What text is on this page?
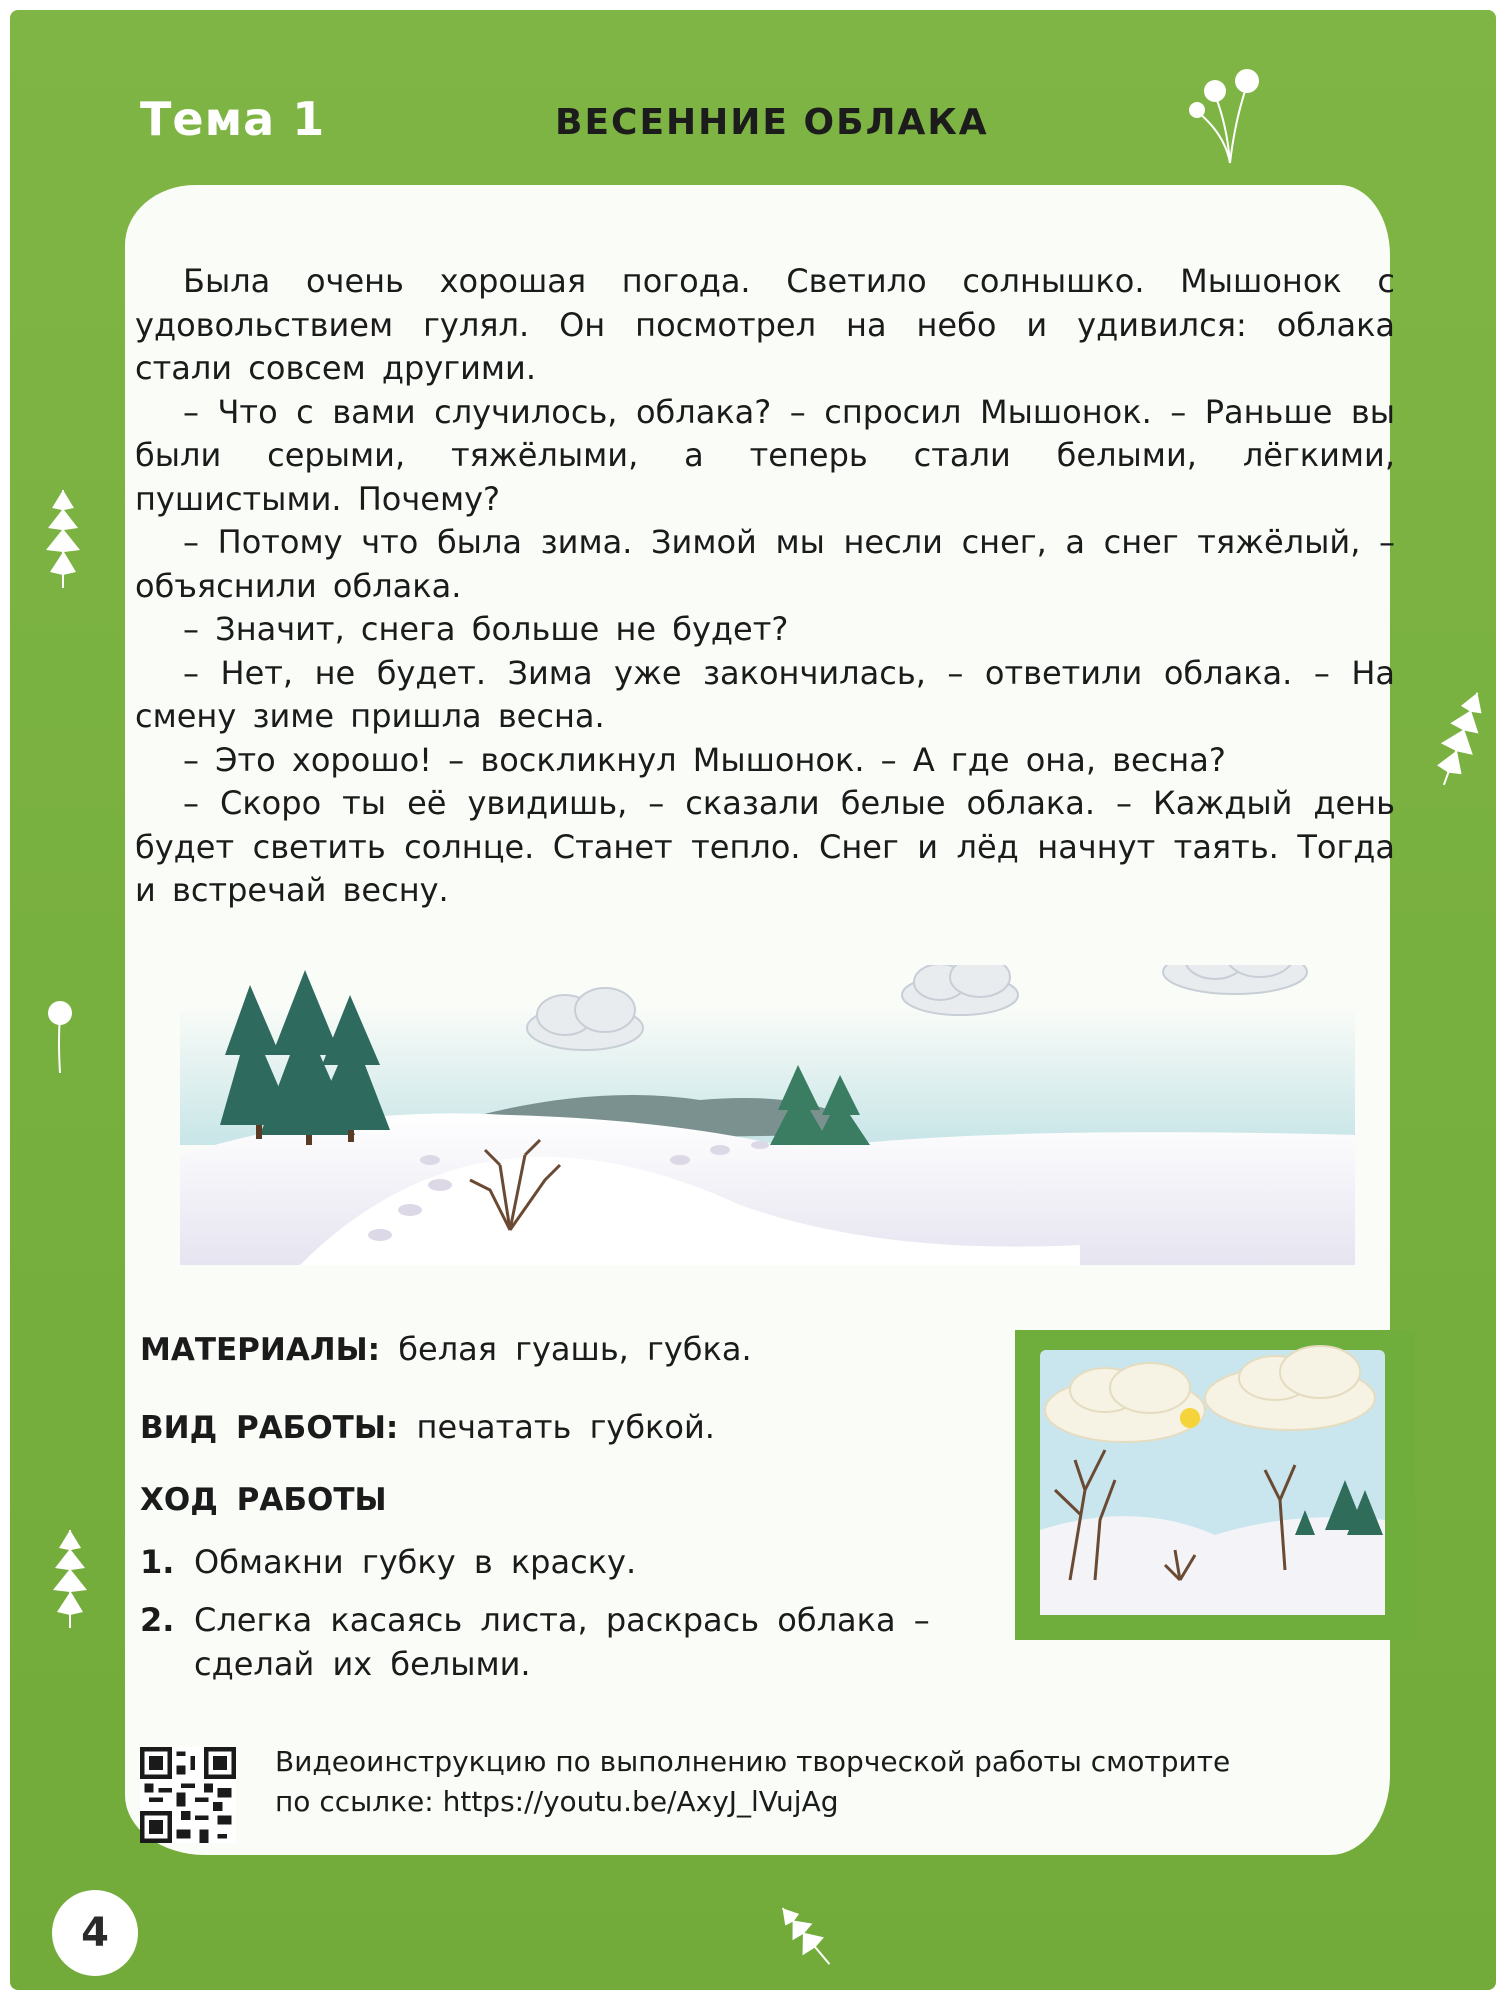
Тема 1	ВЕСЕННИЕ ОБЛАКА

Была очень хорошая погода. Светило солнышко. Мышонок с удовольствием гулял. Он посмотрел на небо и удивился: облака стали совсем другими.

– Что с вами случилось, облака? – спросил Мышонок. – Раньше вы были серыми, тяжёлыми, а теперь стали белыми, лёгкими, пушистыми. Почему?

– Потому что была зима. Зимой мы несли снег, а снег тяжёлый, – объяснили облака.

– Значит, снега больше не будет?

– Нет, не будет. Зима уже закончилась, – ответили облака. – На смену зиме пришла весна.

– Это хорошо! – воскликнул Мышонок. – А где она, весна?

– Скоро ты её увидишь, – сказали белые облака. – Каждый день будет светить солнце. Станет тепло. Снег и лёд начнут таять. Тогда и встречай весну.

МАТЕРИАЛЫ: белая гуашь, губка.
ВИД РАБОТЫ: печатать губкой.
ХОД РАБОТЫ
1. Обмакни губку в краску.
2. Слегка касаясь листа, раскрась облака –
сделай их белыми.
Видеоинструкцию по выполнению творческой работы смотрите
по ссылке: https://youtu.be/AxyJ_lVujAg
4
